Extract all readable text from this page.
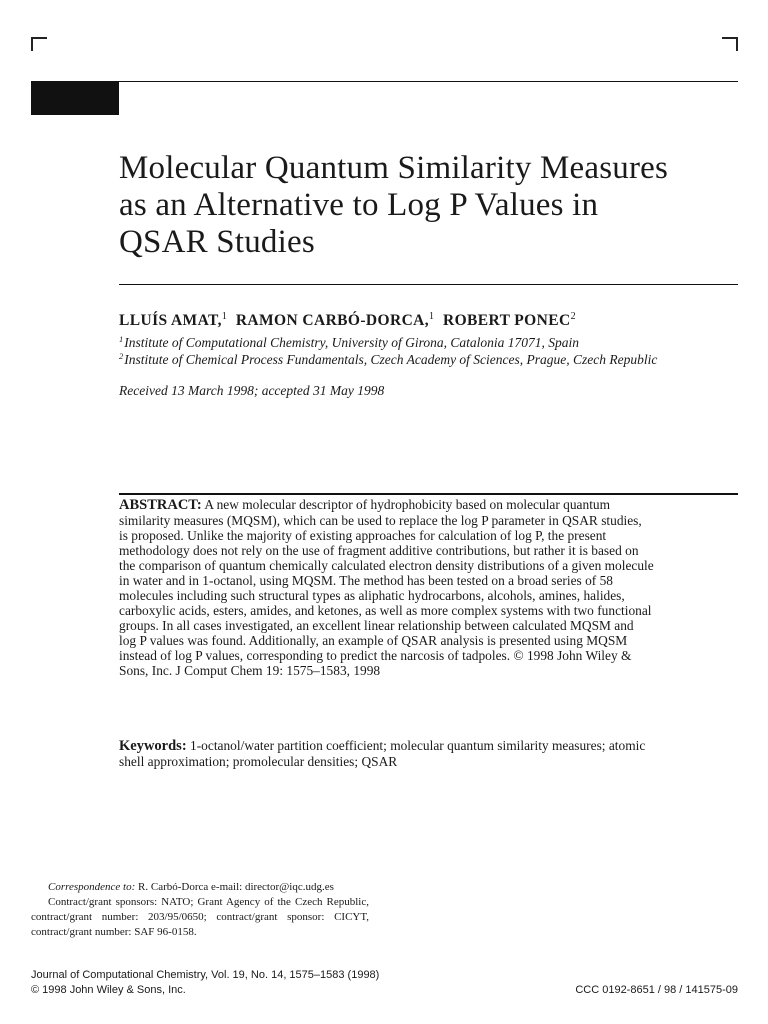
Molecular Quantum Similarity Measures
as an Alternative to Log P Values in
QSAR Studies
LLUÍS AMAT,$^1$ RAMON CARBÓ-DORCA,$^1$ ROBERT PONEC$^2$
$^1$Institute of Computational Chemistry, University of Girona, Catalonia 17071, Spain
$^2$Institute of Chemical Process Fundamentals, Czech Academy of Sciences, Prague, Czech Republic
Received 13 March 1998; accepted 31 May 1998
ABSTRACT: A new molecular descriptor of hydrophobicity based on molecular quantum similarity measures (MQSM), which can be used to replace the log P parameter in QSAR studies, is proposed. Unlike the majority of existing approaches for calculation of log P, the present methodology does not rely on the use of fragment additive contributions, but rather it is based on the comparison of quantum chemically calculated electron density distributions of a given molecule in water and in 1-octanol, using MQSM. The method has been tested on a broad series of 58 molecules including such structural types as aliphatic hydrocarbons, alcohols, amines, halides, carboxylic acids, esters, amides, and ketones, as well as more complex systems with two functional groups. In all cases investigated, an excellent linear relationship between calculated MQSM and log P values was found. Additionally, an example of QSAR analysis is presented using MQSM instead of log P values, corresponding to predict the narcosis of tadpoles. © 1998 John Wiley & Sons, Inc. J Comput Chem 19: 1575–1583, 1998
Keywords: 1-octanol/water partition coefficient; molecular quantum similarity measures; atomic shell approximation; promolecular densities; QSAR

Correspondence to: R. Carbó-Dorca e-mail: director@iqc.udg.es

Contract/grant sponsors: NATO; Grant Agency of the Czech Republic, contract/grant number: 203/95/0650; contract/grant sponsor: CICYT, contract/grant number: SAF 96-0158.

Journal of Computational Chemistry, Vol. 19, No. 14, 1575–1583 (1998)
© 1998 John Wiley & Sons, Inc.	CCC 0192-8651 / 98 / 141575-09
